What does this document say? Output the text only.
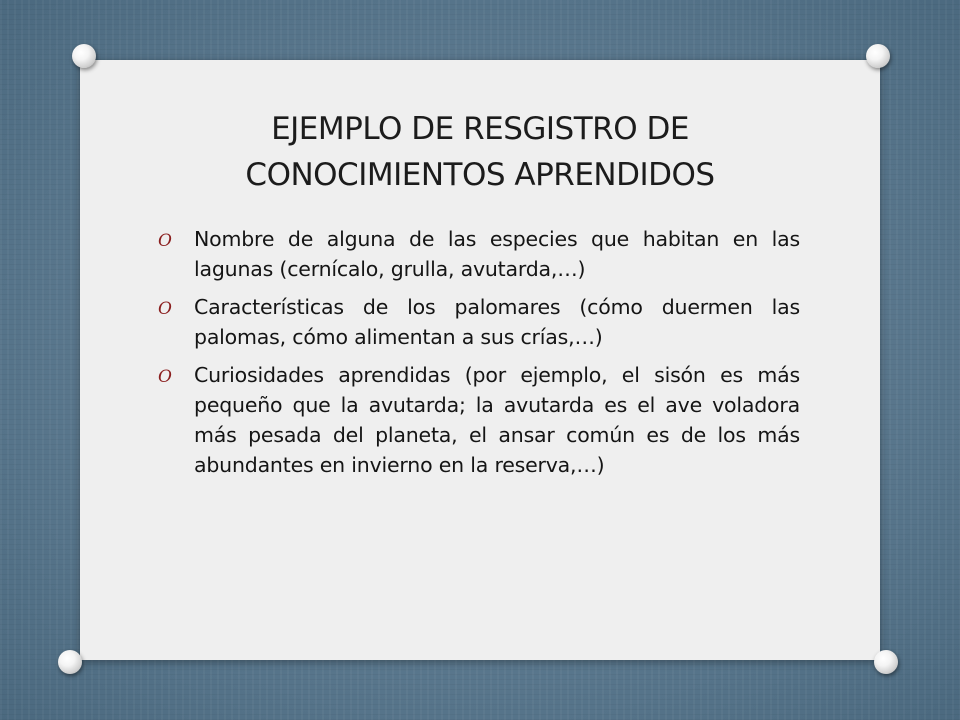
EJEMPLO DE RESGISTRO DE
CONOCIMIENTOS APRENDIDOS
O Nombre de alguna de las especies que habitan en las lagunas (cernícalo, grulla, avutarda,…)
O Características de los palomares (cómo duermen las palomas, cómo alimentan a sus crías,…)
O Curiosidades aprendidas (por ejemplo, el sisón es más pequeño que la avutarda; la avutarda es el ave voladora más pesada del planeta, el ansar común es de los más abundantes en invierno en la reserva,…)
